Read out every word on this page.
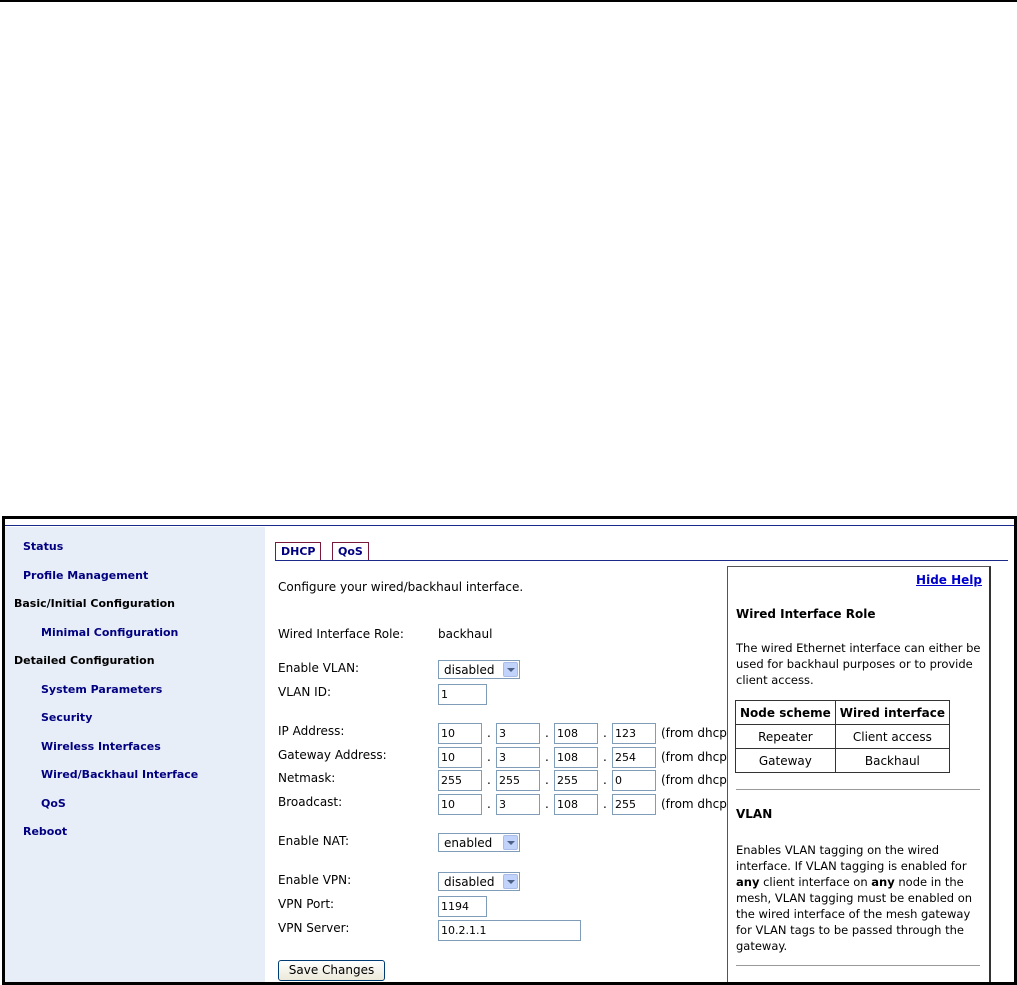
Status
Profile Management
Basic/Initial Configuration
Minimal Configuration
Detailed Configuration
System Parameters
Security
Wireless Interfaces
Wired/Backhaul Interface
QoS
Reboot
DHCP	QoS
Configure your wired/backhaul interface.
Wired Interface Role:	backhaul
Enable VLAN:	disabled
VLAN ID:	1
IP Address:	10	. 3	. 108	. 123	(from dhcp
Gateway Address:	10	. 3	. 108	. 254	(from dhcp
Netmask:	255	. 255	. 255	. 0	(from dhcp
Broadcast:	10	. 3	. 108	. 255	(from dhcp
Enable NAT:	enabled
Enable VPN:	disabled
VPN Port:	1194
VPN Server:	10.2.1.1
Save Changes
Hide Help
Wired Interface Role
The wired Ethernet interface can either be used for backhaul purposes or to provide client access.
Node scheme	Wired interface
Repeater	Client access
Gateway	Backhaul
VLAN
Enables VLAN tagging on the wired interface. If VLAN tagging is enabled for any client interface on any node in the mesh, VLAN tagging must be enabled on the wired interface of the mesh gateway for VLAN tags to be passed through the gateway.
